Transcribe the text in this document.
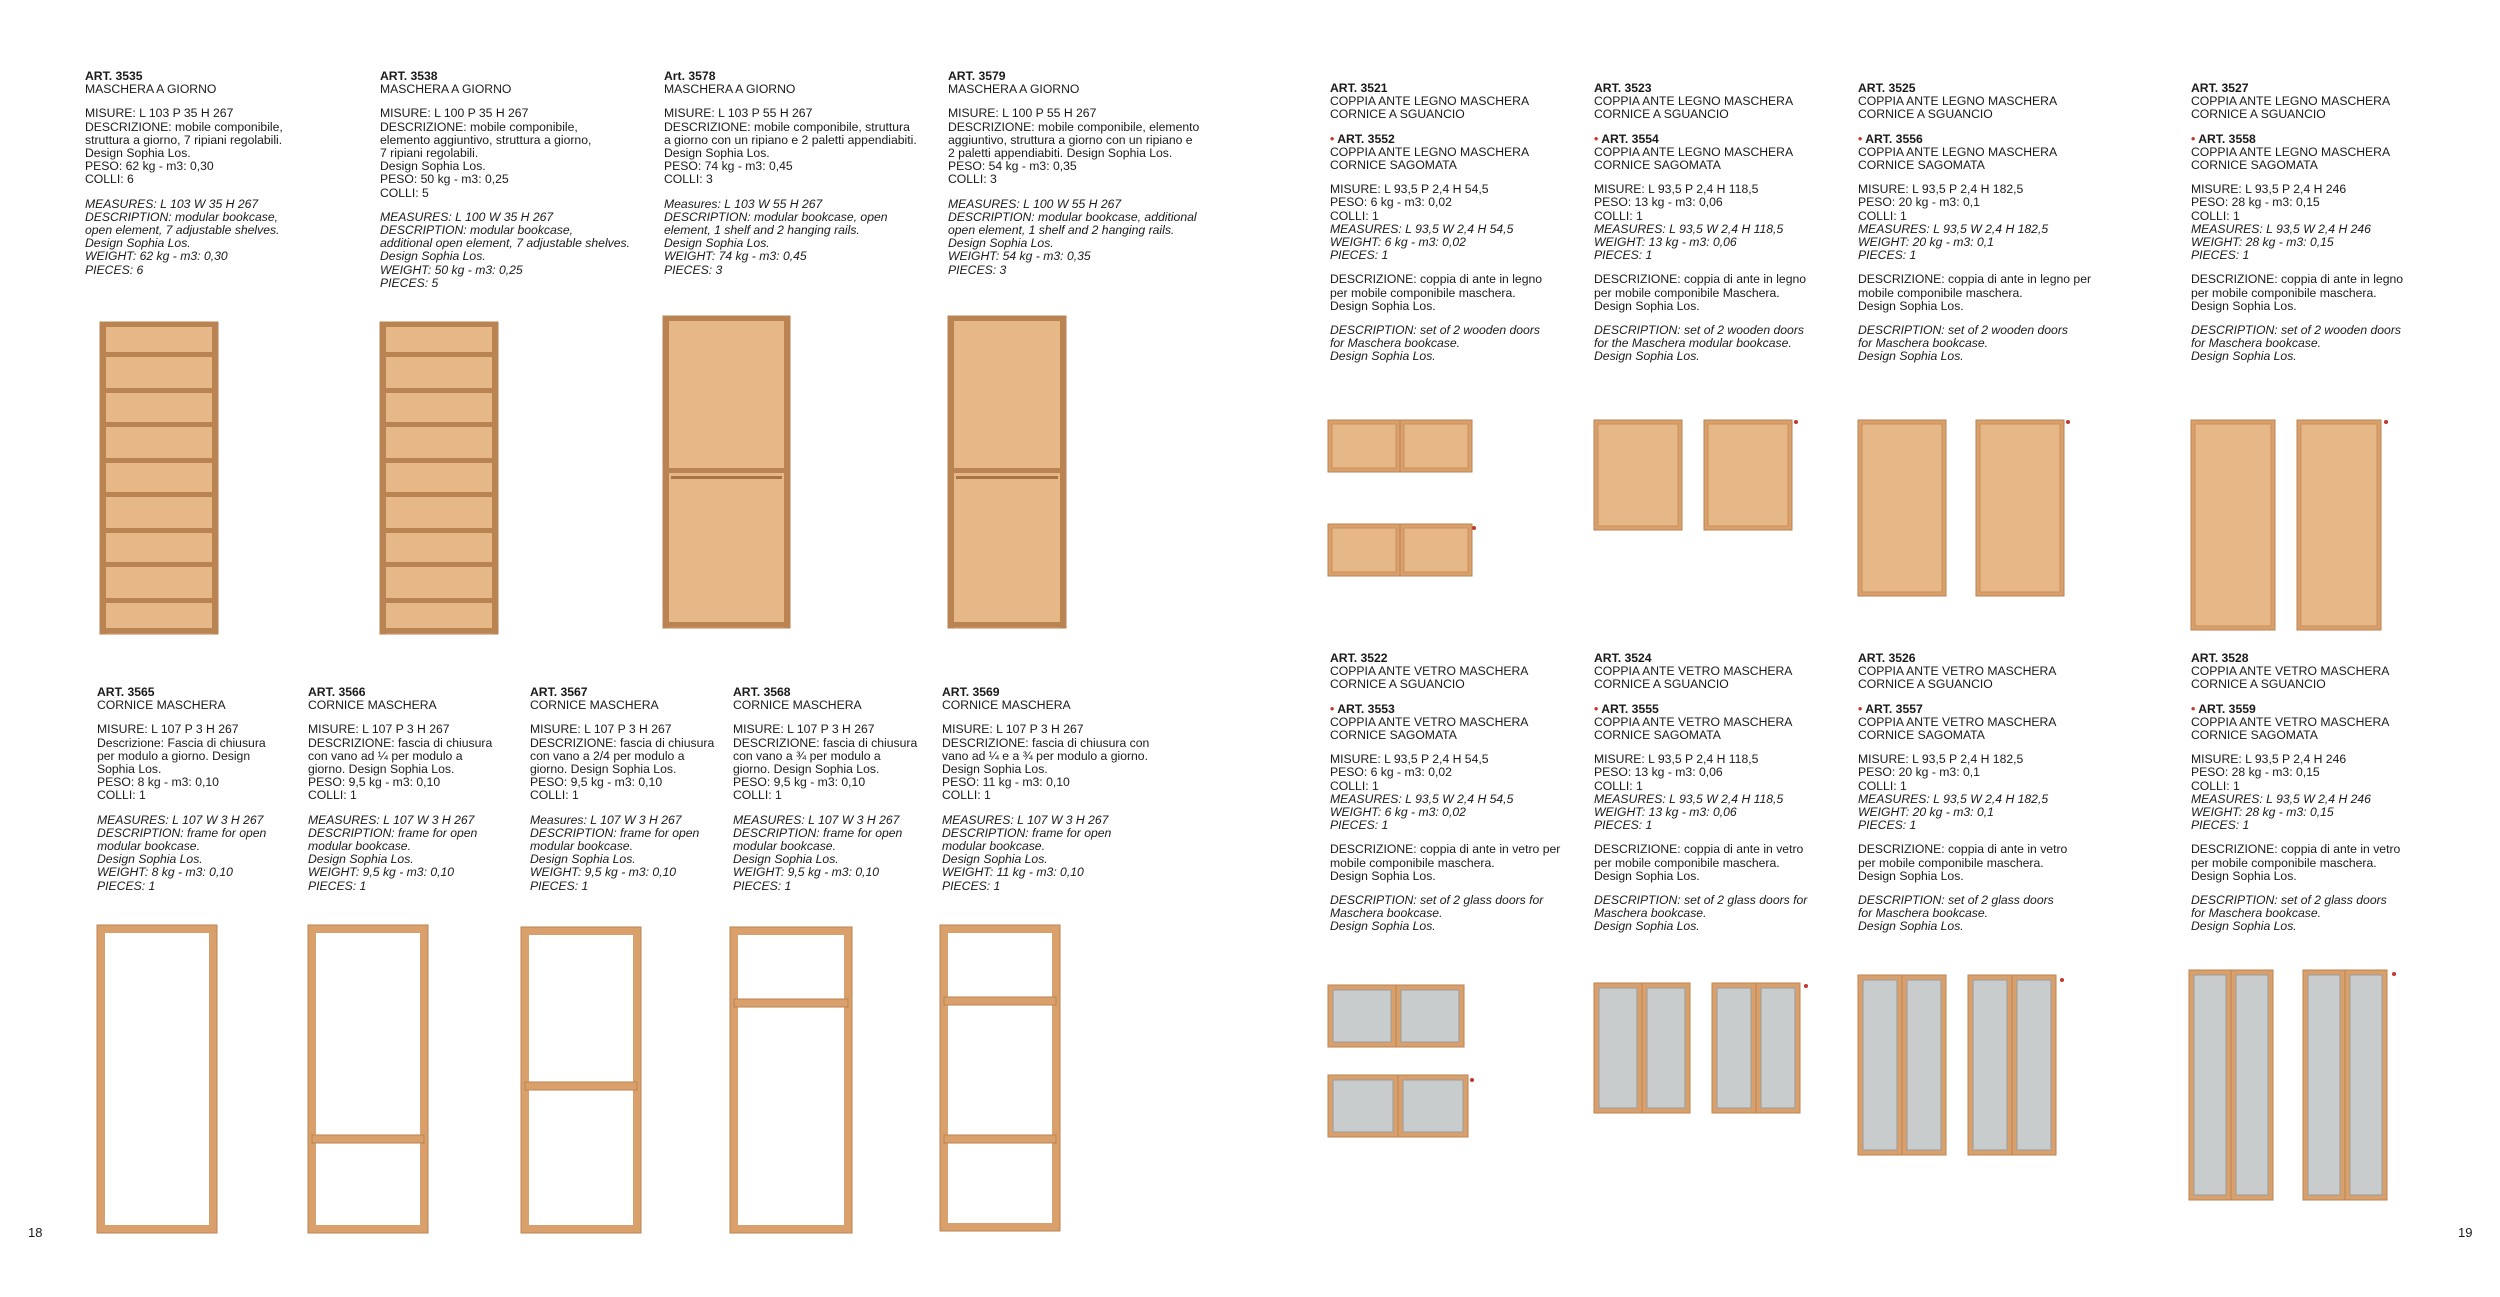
18	19
ART. 3535
MASCHERA A GIORNO
MISURE: L 103 P 35 H 267
DESCRIZIONE: mobile componibile,
struttura a giorno, 7 ripiani regolabili.
Design Sophia Los.
PESO: 62 kg - m3: 0,30
COLLI: 6
MEASURES: L 103 W 35 H 267
DESCRIPTION: modular bookcase,
open element, 7 adjustable shelves.
Design Sophia Los.
WEIGHT: 62 kg - m3: 0,30
PIECES: 6
ART. 3538
MASCHERA A GIORNO
MISURE: L 100 P 35 H 267
DESCRIZIONE: mobile componibile,
elemento aggiuntivo, struttura a giorno,
7 ripiani regolabili.
Design Sophia Los.
PESO: 50 kg - m3: 0,25
COLLI: 5
MEASURES: L 100 W 35 H 267
DESCRIPTION: modular bookcase,
additional open element, 7 adjustable shelves.
Design Sophia Los.
WEIGHT: 50 kg - m3: 0,25
PIECES: 5
Art. 3578
MASCHERA A GIORNO
MISURE: L 103 P 55 H 267
DESCRIZIONE: mobile componibile, struttura
a giorno con un ripiano e 2 paletti appendiabiti.
Design Sophia Los.
PESO: 74 kg - m3: 0,45
COLLI: 3
Measures: L 103 W 55 H 267
DESCRIPTION: modular bookcase, open
element, 1 shelf and 2 hanging rails.
Design Sophia Los.
WEIGHT: 74 kg - m3: 0,45
PIECES: 3
ART. 3579
MASCHERA A GIORNO
MISURE: L 100 P 55 H 267
DESCRIZIONE: mobile componibile, elemento
aggiuntivo, struttura a giorno con un ripiano e
2 paletti appendiabiti. Design Sophia Los.
PESO: 54 kg - m3: 0,35
COLLI: 3
MEASURES: L 100 W 55 H 267
DESCRIPTION: modular bookcase, additional
open element, 1 shelf and 2 hanging rails.
Design Sophia Los.
WEIGHT: 54 kg - m3: 0,35
PIECES: 3
ART. 3565
CORNICE MASCHERA
MISURE: L 107 P 3 H 267
Descrizione: Fascia di chiusura
per modulo a giorno. Design
Sophia Los.
PESO: 8 kg - m3: 0,10
COLLI: 1
MEASURES: L 107 W 3 H 267
DESCRIPTION: frame for open
modular bookcase.
Design Sophia Los.
WEIGHT: 8 kg - m3: 0,10
PIECES: 1
ART. 3566
CORNICE MASCHERA
MISURE: L 107 P 3 H 267
DESCRIZIONE: fascia di chiusura
con vano ad ¼ per modulo a
giorno. Design Sophia Los.
PESO: 9,5 kg - m3: 0,10
COLLI: 1
MEASURES: L 107 W 3 H 267
DESCRIPTION: frame for open
modular bookcase.
Design Sophia Los.
WEIGHT: 9,5 kg - m3: 0,10
PIECES: 1
ART. 3567
CORNICE MASCHERA
MISURE: L 107 P 3 H 267
DESCRIZIONE: fascia di chiusura
con vano a 2/4 per modulo a
giorno. Design Sophia Los.
PESO: 9,5 kg - m3: 0,10
COLLI: 1
Measures: L 107 W 3 H 267
DESCRIPTION: frame for open
modular bookcase.
Design Sophia Los.
WEIGHT: 9,5 kg - m3: 0,10
PIECES: 1
ART. 3568
CORNICE MASCHERA
MISURE: L 107 P 3 H 267
DESCRIZIONE: fascia di chiusura
con vano a ¾ per modulo a
giorno. Design Sophia Los.
PESO: 9,5 kg - m3: 0,10
COLLI: 1
MEASURES: L 107 W 3 H 267
DESCRIPTION: frame for open
modular bookcase.
Design Sophia Los.
WEIGHT: 9,5 kg - m3: 0,10
PIECES: 1
ART. 3569
CORNICE MASCHERA
MISURE: L 107 P 3 H 267
DESCRIZIONE: fascia di chiusura con
vano ad ¼ e a ¾ per modulo a giorno.
Design Sophia Los.
PESO: 11 kg - m3: 0,10
COLLI: 1
MEASURES: L 107 W 3 H 267
DESCRIPTION: frame for open
modular bookcase.
Design Sophia Los.
WEIGHT: 11 kg - m3: 0,10
PIECES: 1
ART. 3521
COPPIA ANTE LEGNO MASCHERA
CORNICE A SGUANCIO
• ART. 3552
COPPIA ANTE LEGNO MASCHERA
CORNICE SAGOMATA
MISURE: L 93,5 P 2,4 H 54,5
PESO: 6 kg - m3: 0,02
COLLI: 1
MEASURES: L 93,5 W 2,4 H 54,5
WEIGHT: 6 kg - m3: 0,02
PIECES: 1
DESCRIZIONE: coppia di ante in legno
per mobile componibile maschera.
Design Sophia Los.
DESCRIPTION: set of 2 wooden doors
for Maschera bookcase.
Design Sophia Los.
ART. 3523
COPPIA ANTE LEGNO MASCHERA
CORNICE A SGUANCIO
• ART. 3554
COPPIA ANTE LEGNO MASCHERA
CORNICE SAGOMATA
MISURE: L 93,5 P 2,4 H 118,5
PESO: 13 kg - m3: 0,06
COLLI: 1
MEASURES: L 93,5 W 2,4 H 118,5
WEIGHT: 13 kg - m3: 0,06
PIECES: 1
DESCRIZIONE: coppia di ante in legno
per mobile componibile Maschera.
Design Sophia Los.
DESCRIPTION: set of 2 wooden doors
for the Maschera modular bookcase.
Design Sophia Los.
ART. 3525
COPPIA ANTE LEGNO MASCHERA
CORNICE A SGUANCIO
• ART. 3556
COPPIA ANTE LEGNO MASCHERA
CORNICE SAGOMATA
MISURE: L 93,5 P 2,4 H 182,5
PESO: 20 kg - m3: 0,1
COLLI: 1
MEASURES: L 93,5 W 2,4 H 182,5
WEIGHT: 20 kg - m3: 0,1
PIECES: 1
DESCRIZIONE: coppia di ante in legno per
mobile componibile maschera.
Design Sophia Los.
DESCRIPTION: set of 2 wooden doors
for Maschera bookcase.
Design Sophia Los.
ART. 3527
COPPIA ANTE LEGNO MASCHERA
CORNICE A SGUANCIO
• ART. 3558
COPPIA ANTE LEGNO MASCHERA
CORNICE SAGOMATA
MISURE: L 93,5 P 2,4 H 246
PESO: 28 kg - m3: 0,15
COLLI: 1
MEASURES: L 93,5 W 2,4 H 246
WEIGHT: 28 kg - m3: 0,15
PIECES: 1
DESCRIZIONE: coppia di ante in legno
per mobile componibile maschera.
Design Sophia Los.
DESCRIPTION: set of 2 wooden doors
for Maschera bookcase.
Design Sophia Los.
ART. 3522
COPPIA ANTE VETRO MASCHERA
CORNICE A SGUANCIO
• ART. 3553
COPPIA ANTE VETRO MASCHERA
CORNICE SAGOMATA
MISURE: L 93,5 P 2,4 H 54,5
PESO: 6 kg - m3: 0,02
COLLI: 1
MEASURES: L 93,5 W 2,4 H 54,5
WEIGHT: 6 kg - m3: 0,02
PIECES: 1
DESCRIZIONE: coppia di ante in vetro per
mobile componibile maschera.
Design Sophia Los.
DESCRIPTION: set of 2 glass doors for
Maschera bookcase.
Design Sophia Los.
ART. 3524
COPPIA ANTE VETRO MASCHERA
CORNICE A SGUANCIO
• ART. 3555
COPPIA ANTE VETRO MASCHERA
CORNICE SAGOMATA
MISURE: L 93,5 P 2,4 H 118,5
PESO: 13 kg - m3: 0,06
COLLI: 1
MEASURES: L 93,5 W 2,4 H 118,5
WEIGHT: 13 kg - m3: 0,06
PIECES: 1
DESCRIZIONE: coppia di ante in vetro
per mobile componibile maschera.
Design Sophia Los.
DESCRIPTION: set of 2 glass doors for
Maschera bookcase.
Design Sophia Los.
ART. 3526
COPPIA ANTE VETRO MASCHERA
CORNICE A SGUANCIO
• ART. 3557
COPPIA ANTE VETRO MASCHERA
CORNICE SAGOMATA
MISURE: L 93,5 P 2,4 H 182,5
PESO: 20 kg - m3: 0,1
COLLI: 1
MEASURES: L 93,5 W 2,4 H 182,5
WEIGHT: 20 kg - m3: 0,1
PIECES: 1
DESCRIZIONE: coppia di ante in vetro
per mobile componibile maschera.
Design Sophia Los.
DESCRIPTION: set of 2 glass doors
for Maschera bookcase.
Design Sophia Los.
ART. 3528
COPPIA ANTE VETRO MASCHERA
CORNICE A SGUANCIO
• ART. 3559
COPPIA ANTE VETRO MASCHERA
CORNICE SAGOMATA
MISURE: L 93,5 P 2,4 H 246
PESO: 28 kg - m3: 0,15
COLLI: 1
MEASURES: L 93,5 W 2,4 H 246
WEIGHT: 28 kg - m3: 0,15
PIECES: 1
DESCRIZIONE: coppia di ante in vetro
per mobile componibile maschera.
Design Sophia Los.
DESCRIPTION: set of 2 glass doors
for Maschera bookcase.
Design Sophia Los.
